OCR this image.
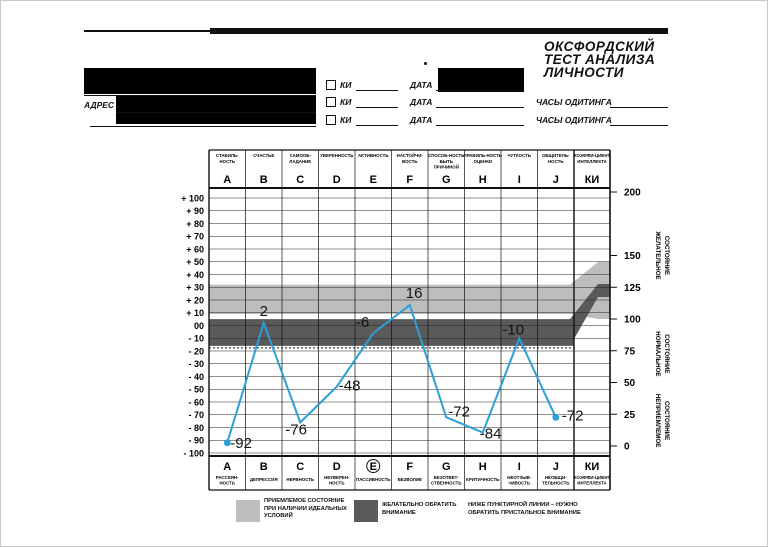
ОКСФОРДСКИЙ
ТЕСТ АНАЛИЗА
ЛИЧНОСТИ
АДРЕС
КИ	ДАТА
КИ	ДАТА	ЧАСЫ ОДИТИНГА
КИ	ДАТА	ЧАСЫ ОДИТИНГА
СТАБИЛЬ-
НОСТЬ
A
СЧАСТЬЕ
B
САМООБ-
ЛАДАНИЕ
C
УВЕРЕННОСТЬ
D
АКТИВНОСТЬ
E
НАСТОЙЧИ-
ВОСТЬ
F
СПОСОБ-НОСТЬ
БЫТЬ
ПРИЧИНОЙ
G
ПРАВИЛЬ-НОСТЬ
ОЦЕНКИ
H
ЧУТКОСТЬ
I
ОБЩИТЕЛЬ-
НОСТЬ
J
КОЭФФИ-ЦИЕНТ
ИНТЕЛЛЕКТА
КИ
A
РАССЕЯН-
НОСТЬ
B
ДЕПРЕССИЯ
C
НЕРВНОСТЬ
D
НЕУВЕРЕН-
НОСТЬ
E
ПАССИВНОСТЬ
F
БЕЗВОЛИЕ
G
БЕЗОТВЕТ-
СТВЕННОСТЬ
H
КРИТИЧНОСТЬ
I
НЕОТЗЫВ-
ЧИВОСТЬ
J
НЕОБЩИ-
ТЕЛЬНОСТЬ
КИ
КОЭФФИ-ЦИЕНТ
ИНТЕЛЛЕКТА
+ 100
+ 90
+ 80
+ 70
+ 60
+ 50
+ 40
+ 30
+ 20
+ 10
00
- 10
- 20
- 30
- 40
- 50
- 60
- 70
- 80
- 90
- 100
200
150
125
100
75
50
25
0
ЖЕЛАТЕЛЬНОЕ СОСТОЯНИЕ
НОРМАЛЬНОЕ СОСТОЯНИЕ
НЕПРИЕМЛЕМОЕ СОСТОЯНИЕ
-92
2
-76
-48
-6
16
-72
-84
-10
-72
ПРИЕМЛЕМОЕ СОСТОЯНИЕ ПРИ НАЛИЧИИ ИДЕАЛЬНЫХ УСЛОВИЙ
ЖЕЛАТЕЛЬНО ОБРАТИТЬ ВНИМАНИЕ
НИЖЕ ПУНКТИРНОЙ ЛИНИИ – НУЖНО ОБРАТИТЬ ПРИСТАЛЬНОЕ ВНИМАНИЕ
